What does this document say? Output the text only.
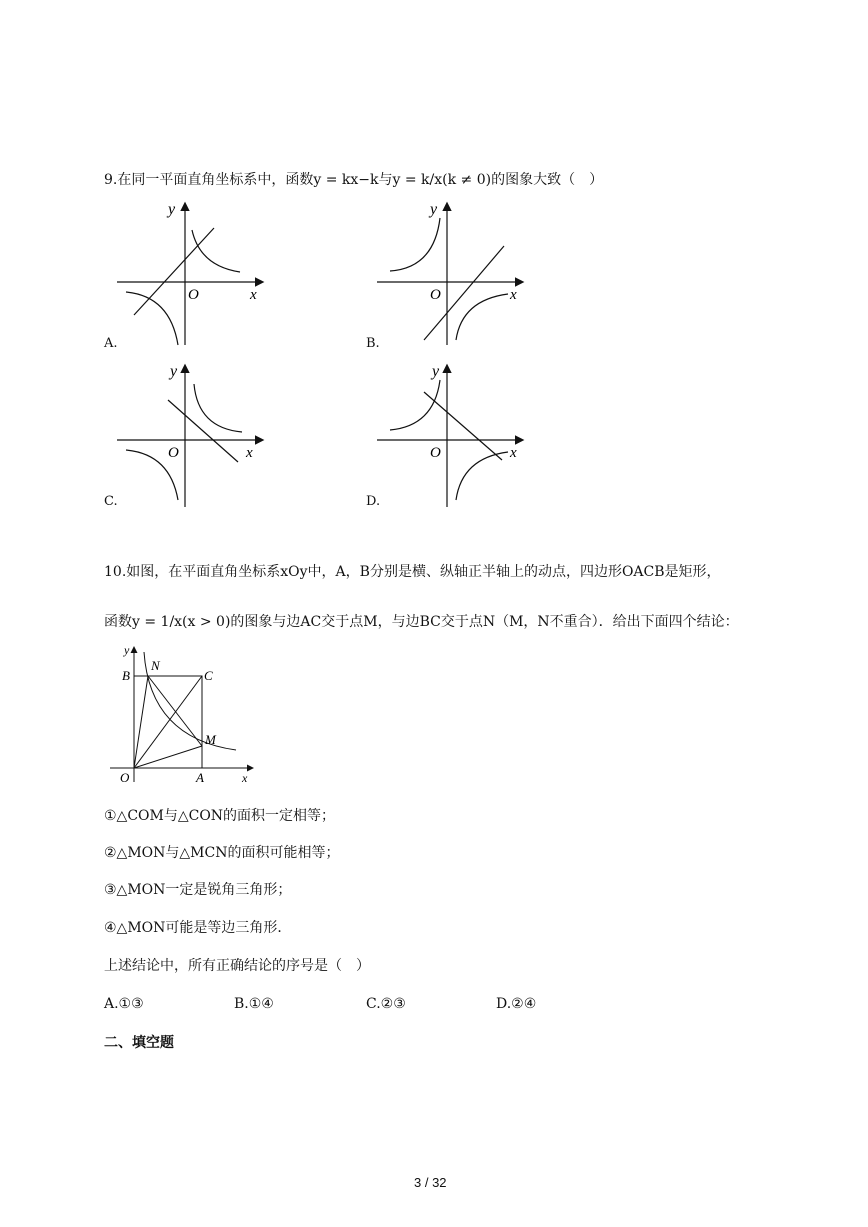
9.在同一平面直角坐标系中，函数y = kx−k与y = k/x(k ≠ 0)的图象大致（　）
y
O	x
A.
y
O	x
B.
y
O	x
C.
y
O	x
D.
10.如图，在平面直角坐标系xOy中，A，B分别是横、纵轴正半轴上的动点，四边形OACB是矩形，
函数y = 1/x(x > 0)的图象与边AC交于点M，与边BC交于点N（M，N不重合）．给出下面四个结论：
y
B
N
C
M
O	A	x
①△COM与△CON的面积一定相等；
②△MON与△MCN的面积可能相等；
③△MON一定是锐角三角形；
④△MON可能是等边三角形．
上述结论中，所有正确结论的序号是（　）
A.①③	B.①④	C.②③	D.②④
二、填空题
3 / 32
